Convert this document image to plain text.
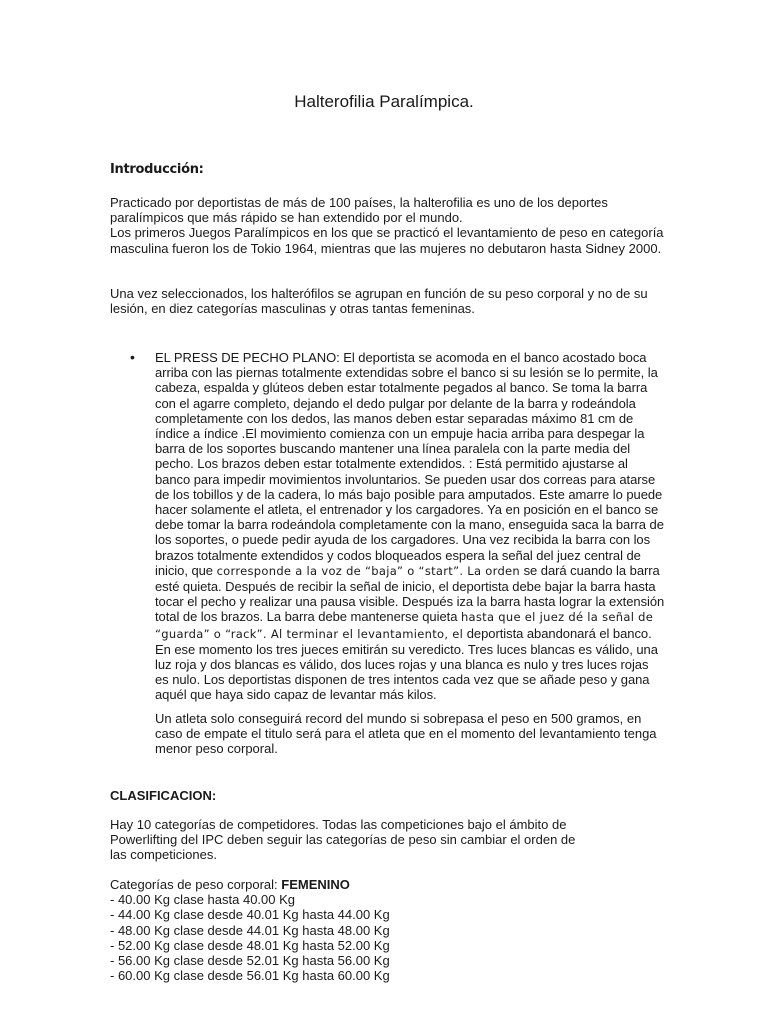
Halterofilia Paralímpica.
Introducción:

Practicado por deportistas de más de 100 países, la halterofilia es uno de los deportes paralímpicos que más rápido se han extendido por el mundo.
Los primeros Juegos Paralímpicos en los que se practicó el levantamiento de peso en categoría masculina fueron los de Tokio 1964, mientras que las mujeres no debutaron hasta Sidney 2000.

Una vez seleccionados, los halterófilos se agrupan en función de su peso corporal y no de su lesión, en diez categorías masculinas y otras tantas femeninas.

• EL PRESS DE PECHO PLANO: El deportista se acomoda en el banco acostado boca arriba con las piernas totalmente extendidas sobre el banco si su lesión se lo permite, la cabeza, espalda y glúteos deben estar totalmente pegados al banco. Se toma la barra con el agarre completo, dejando el dedo pulgar por delante de la barra y rodeándola completamente con los dedos, las manos deben estar separadas máximo 81 cm de índice a índice .El movimiento comienza con un empuje hacia arriba para despegar la barra de los soportes buscando mantener una línea paralela con la parte media del pecho. Los brazos deben estar totalmente extendidos. : Está permitido ajustarse al banco para impedir movimientos involuntarios. Se pueden usar dos correas para atarse de los tobillos y de la cadera, lo más bajo posible para amputados. Este amarre lo puede hacer solamente el atleta, el entrenador y los cargadores. Ya en posición en el banco se debe tomar la barra rodeándola completamente con la mano, enseguida saca la barra de los soportes, o puede pedir ayuda de los cargadores. Una vez recibida la barra con los brazos totalmente extendidos y codos bloqueados espera la señal del juez central de inicio, que corresponde a la voz de “baja” o “start”. La orden se dará cuando la barra esté quieta. Después de recibir la señal de inicio, el deportista debe bajar la barra hasta tocar el pecho y realizar una pausa visible. Después iza la barra hasta lograr la extensión total de los brazos. La barra debe mantenerse quieta hasta que el juez dé la señal de “guarda” o “rack”. Al terminar el levantamiento, el deportista abandonará el banco. En ese momento los tres jueces emitirán su veredicto. Tres luces blancas es válido, una luz roja y dos blancas es válido, dos luces rojas y una blanca es nulo y tres luces rojas es nulo. Los deportistas disponen de tres intentos cada vez que se añade peso y gana aquél que haya sido capaz de levantar más kilos.

Un atleta solo conseguirá record del mundo si sobrepasa el peso en 500 gramos, en caso de empate el titulo será para el atleta que en el momento del levantamiento tenga menor peso corporal.

CLASIFICACION:

Hay 10 categorías de competidores. Todas las competiciones bajo el ámbito de Powerlifting del IPC deben seguir las categorías de peso sin cambiar el orden de las competiciones.

Categorías de peso corporal: FEMENINO
- 40.00 Kg clase hasta 40.00 Kg
- 44.00 Kg clase desde 40.01 Kg hasta 44.00 Kg
- 48.00 Kg clase desde 44.01 Kg hasta 48.00 Kg
- 52.00 Kg clase desde 48.01 Kg hasta 52.00 Kg
- 56.00 Kg clase desde 52.01 Kg hasta 56.00 Kg
- 60.00 Kg clase desde 56.01 Kg hasta 60.00 Kg
